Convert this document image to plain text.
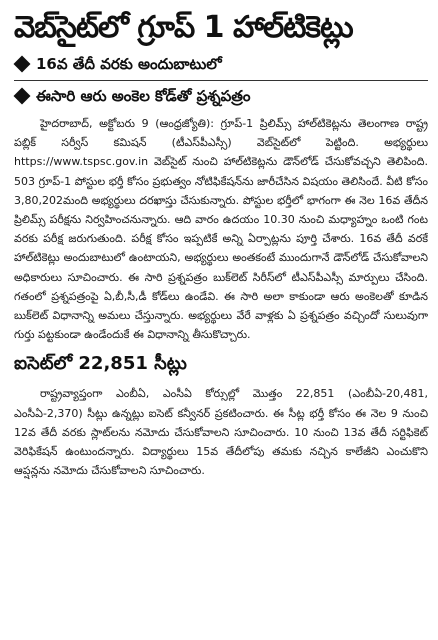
వెబ్‌సైట్‌లో గ్రూప్‌ 1 హాల్‌టికెట్లు
16వ తేదీ వరకు అందుబాటులో
ఈసారి ఆరు అంకెల కోడ్‌తో ప్రశ్నపత్రం

హైదరాబాద్‌, అక్టోబరు 9 (ఆంధ్రజ్యోతి): గ్రూప్‌-1 ప్రిలిమ్స్‌ హాల్‌టికెట్లను తెలంగాణ రాష్ట్ర పబ్లిక్‌ సర్వీస్‌ కమిషన్‌ (టీఎస్‌పీఎస్సీ) వెబ్‌సైట్‌లో పెట్టింది. అభ్యర్థులు https://www.tspsc.gov.in వెబ్‌సైట్‌ నుంచి హాల్‌టికెట్లను డౌన్‌లోడ్‌ చేసుకోవచ్చని తెలిపింది. 503 గ్రూప్‌-1 పోస్టుల భర్తీ కోసం ప్రభుత్వం నోటిఫికేషన్‌ను జారీచేసిన విషయం తెలిసిందే. వీటి కోసం 3,80,202మంది అభ్యర్థులు దరఖాస్తు చేసుకున్నారు. పోస్టుల భర్తీలో భాగంగా ఈ నెల 16వ తేదీన ప్రిలిమ్స్‌ పరీక్షను నిర్వహించనున్నారు. ఆది వారం ఉదయం 10.30 నుంచి మధ్యాహ్నం ఒంటి గంట వరకు పరీక్ష జరుగుతుంది. పరీక్ష కోసం ఇప్పటికే అన్ని ఏర్పాట్లను పూర్తి చేశారు. 16వ తేదీ వరకే హాల్‌టికెట్లు అందుబాటులో ఉంటాయని, అభ్యర్థులు అంతకంటే ముందుగానే డౌన్‌లోడ్‌ చేసుకోవాలని అధికారులు సూచించారు. ఈ సారి ప్రశ్నపత్రం బుక్‌లెట్‌ సిరీస్‌లో టీఎస్‌పీఎస్సీ మార్పులు చేసింది. గతంలో ప్రశ్నపత్రంపై ఏ,బీ,సీ,డీ కోడ్‌లు ఉండేవి. ఈ సారి అలా కాకుండా ఆరు అంకెలతో కూడిన బుక్‌లెట్‌ విధానాన్ని అమలు చేస్తున్నారు. అభ్యర్థులు వేరే వాళ్లకు ఏ ప్రశ్నపత్రం వచ్చిందో సులువుగా గుర్తు పట్టకుండా ఉండేందుకే ఈ విధానాన్ని తీసుకొచ్చారు.

ఐసెట్‌లో 22,851 సీట్లు

రాష్ట్రవ్యాప్తంగా ఎంబీఏ, ఎంసీఏ కోర్సుల్లో మొత్తం 22,851 (ఎంబీఏ-20,481, ఎంసీఏ-2,370) సీట్లు ఉన్నట్లు ఐసెట్‌ కన్వీనర్‌ ప్రకటించారు. ఈ సీట్ల భర్తీ కోసం ఈ నెల 9 నుంచి 12వ తేదీ వరకు స్లాట్‌లను నమోదు చేసుకోవాలని సూచించారు. 10 నుంచి 13వ తేదీ సర్టిఫికెట్‌ వెరిఫికేషన్‌ ఉంటుందన్నారు. విద్యార్థులు 15వ తేదీలోపు తమకు నచ్చిన కాలేజీని ఎంచుకొని ఆప్షన్లను నమోదు చేసుకోవాలని సూచించారు.
